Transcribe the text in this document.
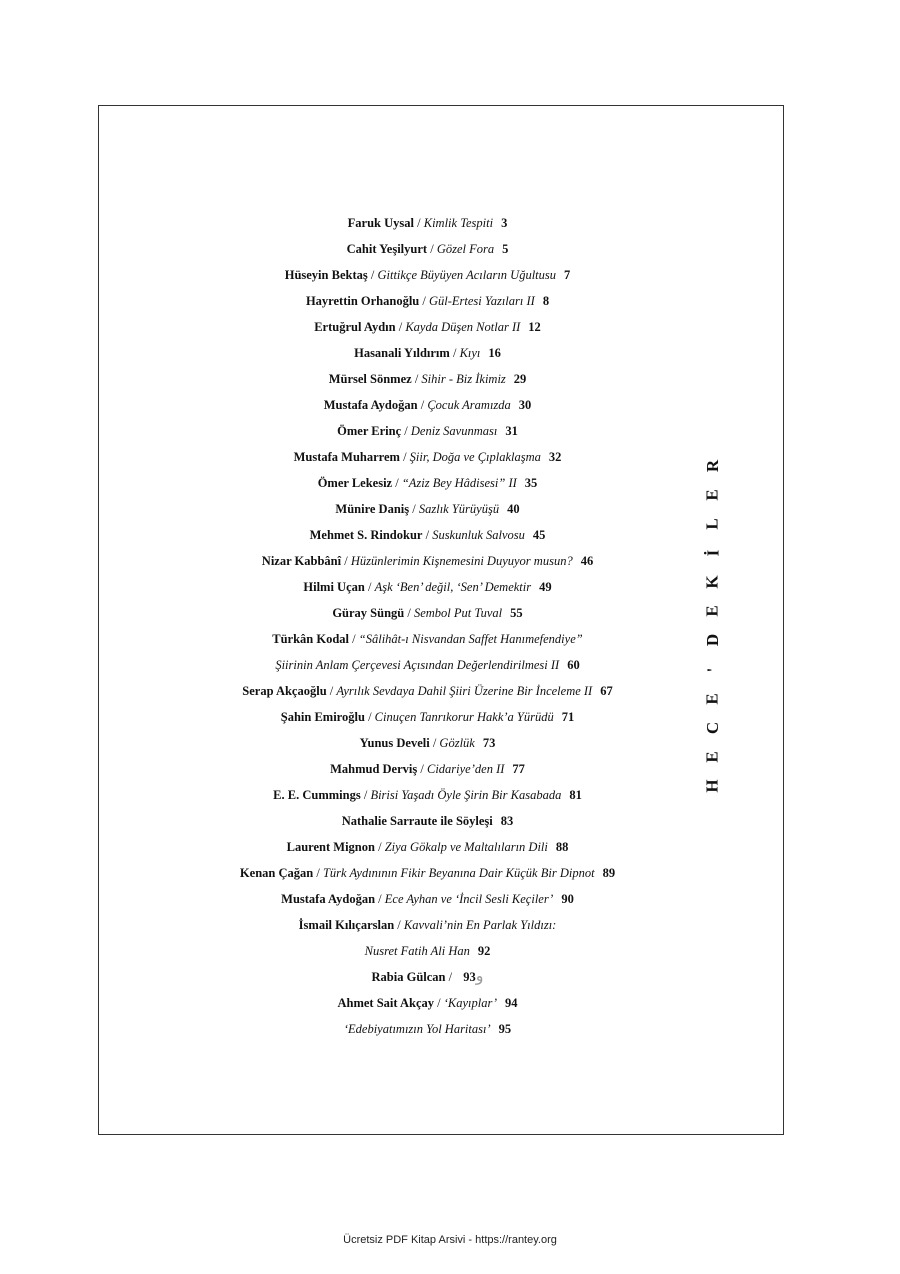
Faruk Uysal / Kimlik Tespiti 3
Cahit Yeşilyurt / Gözel Fora 5
Hüseyin Bektaş / Gittikçe Büyüyen Acıların Uğultusu 7
Hayrettin Orhanoğlu / Gül-Ertesi Yazıları II 8
Ertuğrul Aydın / Kayda Düşen Notlar II 12
Hasanali Yıldırım / Kıyı 16
Mürsel Sönmez / Sihir - Biz İkimiz 29
Mustafa Aydoğan / Çocuk Aramızda 30
Ömer Erinç / Deniz Savunması 31
Mustafa Muharrem / Şiir, Doğa ve Çıplaklaşma 32
Ömer Lekesiz / “Aziz Bey Hâdisesi” II 35
Münire Daniş / Sazlık Yürüyüşü 40
Mehmet S. Rindokur / Suskunluk Salvosu 45
Nizar Kabbânî / Hüzünlerimin Kişnemesini Duyuyor musun? 46
Hilmi Uçan / Aşk ‘Ben’ değil, ‘Sen’ Demektir 49
Güray Süngü / Sembol Put Tuval 55
Türkân Kodal / “Sâlihât-ı Nisvandan Saffet Hanımefendiye”
Şiirinin Anlam Çerçevesi Açısından Değerlendirilmesi II 60
Serap Akçaoğlu / Ayrılık Sevdaya Dahil Şiiri Üzerine Bir İnceleme II 67
Şahin Emiroğlu / Cinuçen Tanrıkorur Hakk’a Yürüdü 71
Yunus Develi / Gözlük 73
Mahmud Derviş / Cidariye’den II 77
E. E. Cummings / Birisi Yaşadı Öyle Şirin Bir Kasabada 81
Nathalie Sarraute ile Söyleşi 83
Laurent Mignon / Ziya Gökalp ve Maltalıların Dili 88
Kenan Çağan / Türk Aydınının Fikir Beyanına Dair Küçük Bir Dipnot 89
Mustafa Aydoğan / Ece Ayhan ve ‘İncil Sesli Keçiler’ 90
İsmail Kılıçarslan / Kavvali’nin En Parlak Yıldızı:
Nusret Fatih Ali Han 92
Rabia Gülcan / و93
Ahmet Sait Akçay / ‘Kayıplar’ 94
‘Edebiyatımızın Yol Haritası’ 95
R
E
L
İ
K
E
D
'
E
C
E
H
Ücretsiz PDF Kitap Arsivi - https://rantey.org
